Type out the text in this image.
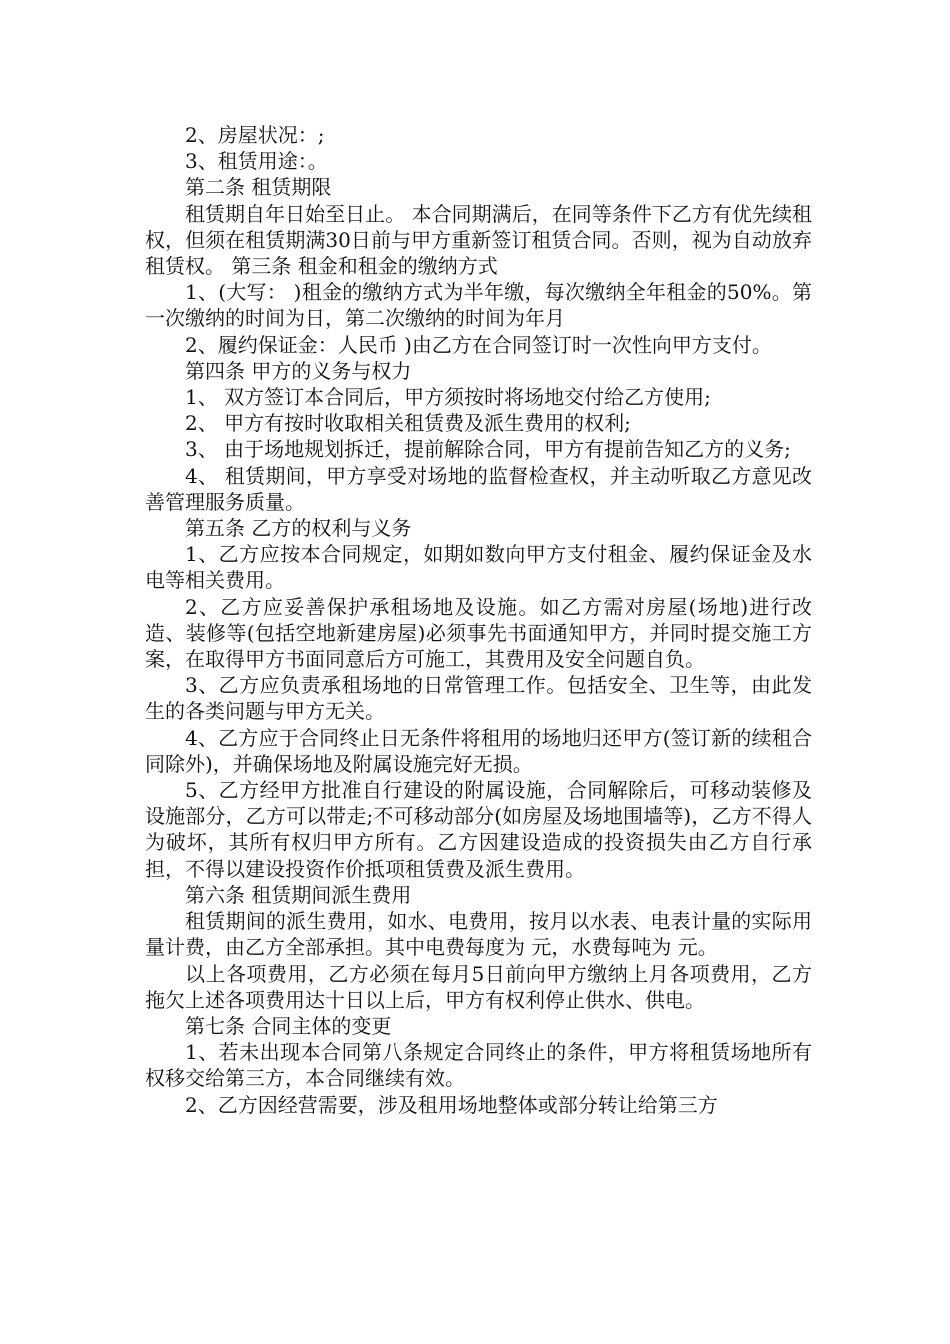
2、房屋状况：;

3、租赁用途：。

第二条 租赁期限

租赁期自年日始至日止。 本合同期满后，在同等条件下乙方有优先续租权，但须在租赁期满30日前与甲方重新签订租赁合同。否则，视为自动放弃租赁权。 第三条 租金和租金的缴纳方式

1、(大写： )租金的缴纳方式为半年缴，每次缴纳全年租金的50%。第一次缴纳的时间为日，第二次缴纳的时间为年月

2、履约保证金：人民币 )由乙方在合同签订时一次性向甲方支付。

第四条 甲方的义务与权力

1、 双方签订本合同后，甲方须按时将场地交付给乙方使用;

2、 甲方有按时收取相关租赁费及派生费用的权利;

3、 由于场地规划拆迁，提前解除合同，甲方有提前告知乙方的义务;

4、 租赁期间，甲方享受对场地的监督检查权，并主动听取乙方意见改善管理服务质量。

第五条 乙方的权利与义务

1、乙方应按本合同规定，如期如数向甲方支付租金、履约保证金及水电等相关费用。

2、乙方应妥善保护承租场地及设施。如乙方需对房屋(场地)进行改造、装修等(包括空地新建房屋)必须事先书面通知甲方，并同时提交施工方案，在取得甲方书面同意后方可施工，其费用及安全问题自负。

3、乙方应负责承租场地的日常管理工作。包括安全、卫生等，由此发生的各类问题与甲方无关。

4、乙方应于合同终止日无条件将租用的场地归还甲方(签订新的续租合同除外)，并确保场地及附属设施完好无损。

5、乙方经甲方批准自行建设的附属设施，合同解除后，可移动装修及设施部分，乙方可以带走;不可移动部分(如房屋及场地围墙等)，乙方不得人为破坏，其所有权归甲方所有。乙方因建设造成的投资损失由乙方自行承担，不得以建设投资作价抵项租赁费及派生费用。

第六条 租赁期间派生费用

租赁期间的派生费用，如水、电费用，按月以水表、电表计量的实际用量计费，由乙方全部承担。其中电费每度为 元，水费每吨为 元。

以上各项费用，乙方必须在每月5日前向甲方缴纳上月各项费用，乙方拖欠上述各项费用达十日以上后，甲方有权利停止供水、供电。

第七条 合同主体的变更

1、若未出现本合同第八条规定合同终止的条件，甲方将租赁场地所有权移交给第三方，本合同继续有效。

2、乙方因经营需要，涉及租用场地整体或部分转让给第三方
